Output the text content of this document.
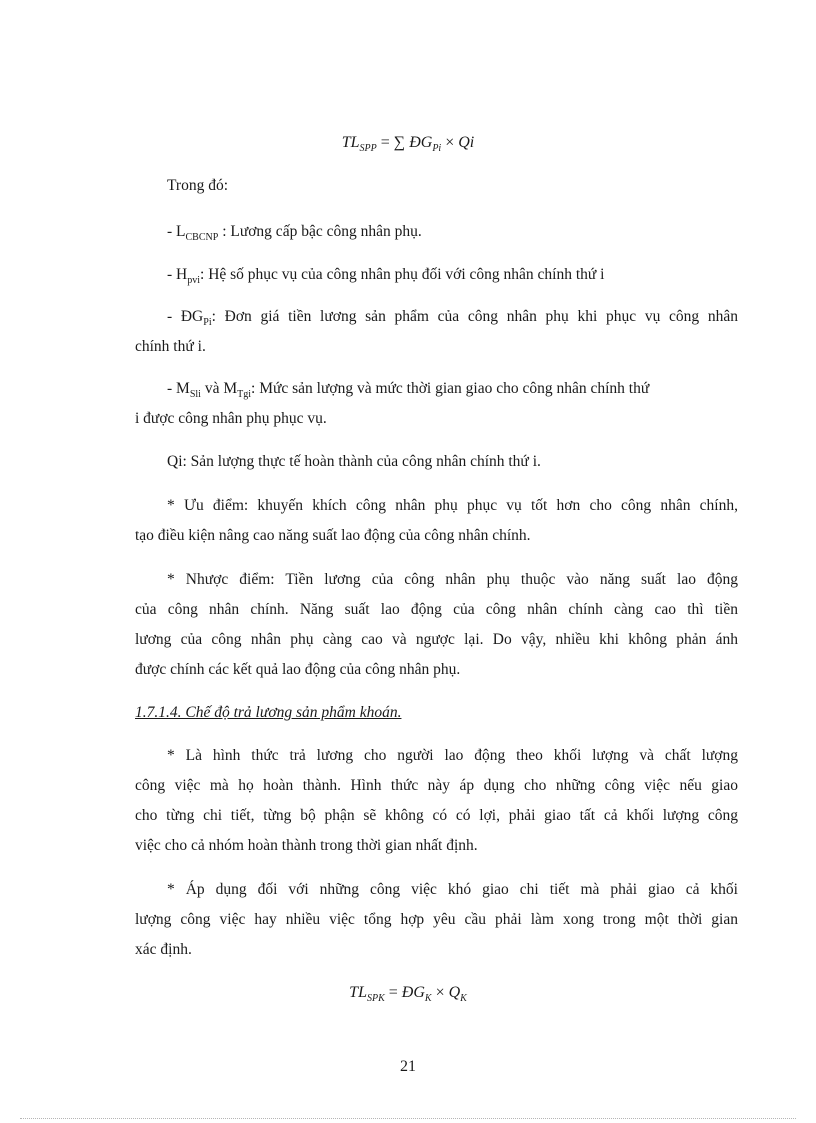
$TL_{SPP}$ = ∑ $ĐG_{Pi} \times Qi$
Trong đó:
- $L_{CBCNP}$ : Lương cấp bậc công nhân phụ.
- $H_{pvi}$: Hệ số phục vụ của công nhân phụ đối với công nhân chính thứ i
- $ĐG_{Pi}$: Đơn giá tiền lương sản phẩm của công nhân phụ khi phục vụ công nhân
chính thứ i.
- $M_{Sli}$ và $M_{Tgi}$: Mức sản lượng và mức thời gian giao cho công nhân chính thứ
i được công nhân phụ phục vụ.
Qi: Sản lượng thực tế hoàn thành của công nhân chính thứ i.
* Ưu điểm: khuyến khích công nhân phụ phục vụ tốt hơn cho công nhân chính,
tạo điều kiện nâng cao năng suất lao động của công nhân chính.
* Nhược điểm: Tiền lương của công nhân phụ thuộc vào năng suất lao động
của công nhân chính. Năng suất lao động của công nhân chính càng cao thì tiền
lương của công nhân phụ càng cao và ngược lại. Do vậy, nhiều khi không phản ánh
được chính các kết quả lao động của công nhân phụ.
1.7.1.4. Chế độ trả lương sản phẩm khoán.
* Là hình thức trả lương cho người lao động theo khối lượng và chất lượng
công việc mà họ hoàn thành. Hình thức này áp dụng cho những công việc nếu giao
cho từng chi tiết, từng bộ phận sẽ không có có lợi, phải giao tất cả khối lượng công
việc cho cả nhóm hoàn thành trong thời gian nhất định.
* Áp dụng đối với những công việc khó giao chi tiết mà phải giao cả khối
lượng công việc hay nhiều việc tổng hợp yêu cầu phải làm xong trong một thời gian
xác định.
$TL_{SPK}$ = $ĐG_K \times Q_K$
21
